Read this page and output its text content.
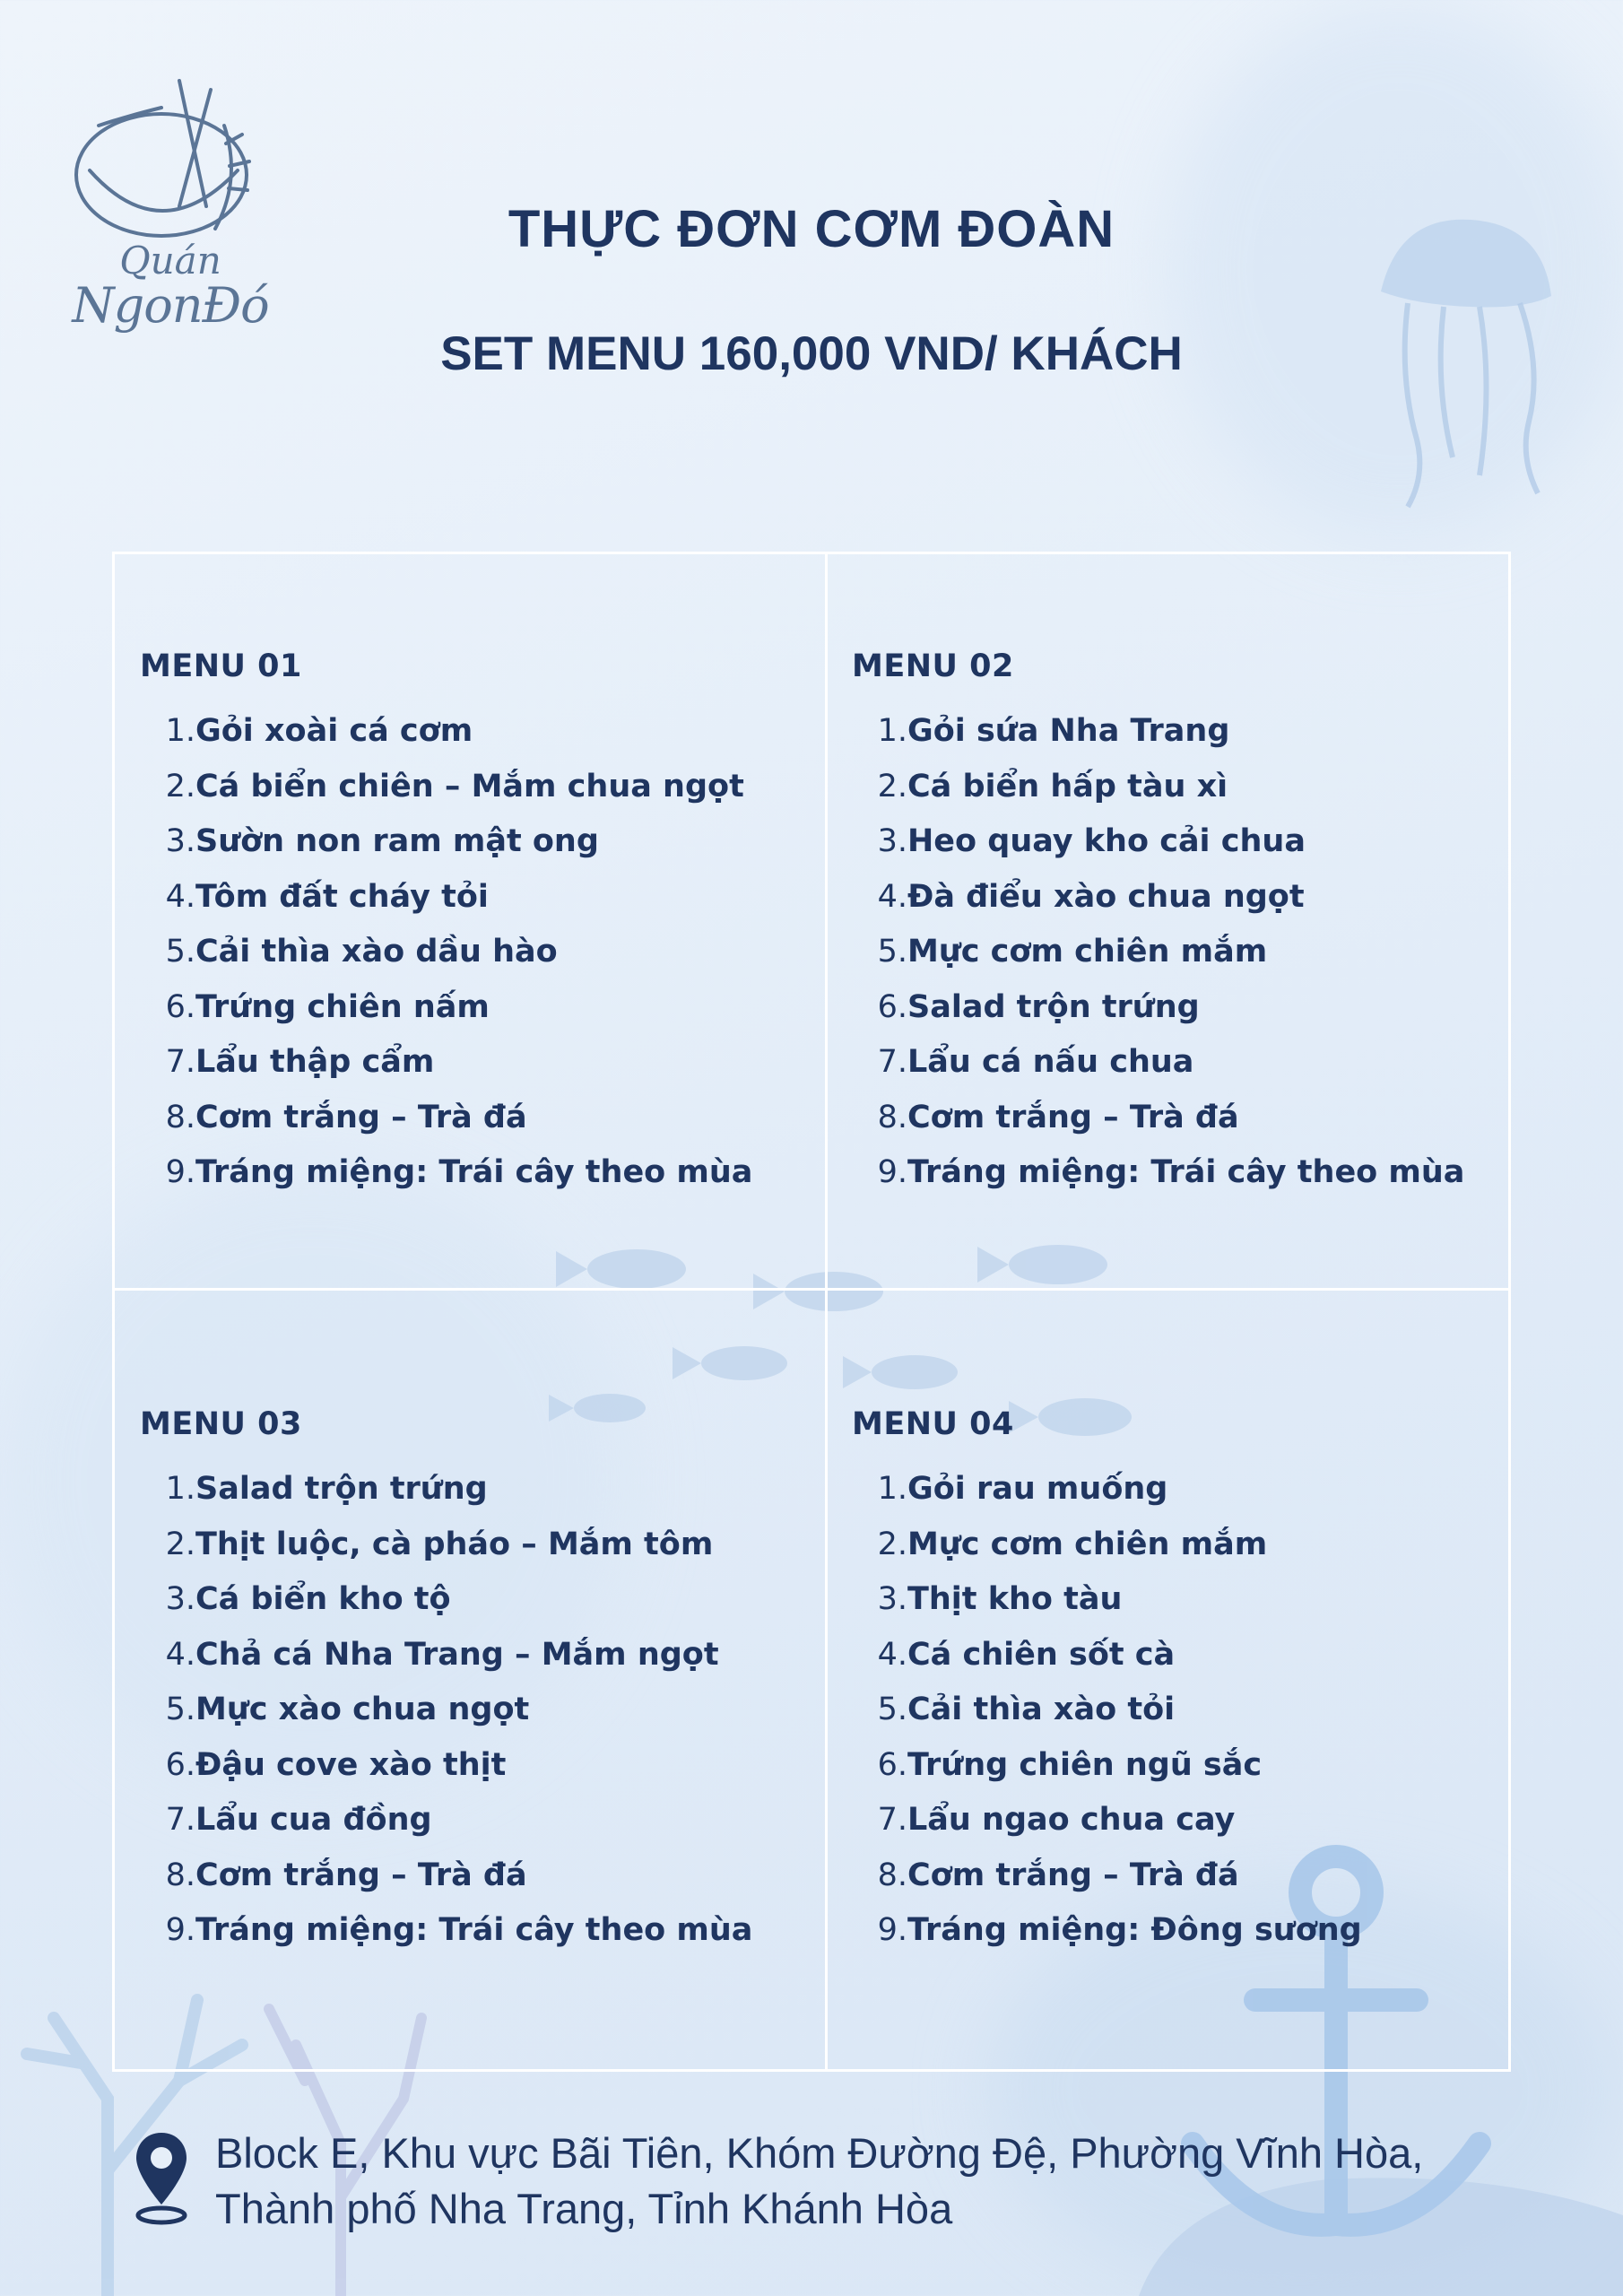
Quán
NgonĐó
THỰC ĐƠN CƠM ĐOÀN
SET MENU 160,000 VND/ KHÁCH
MENU 01
1. Gỏi xoài cá cơm
2. Cá biển chiên – Mắm chua ngọt
3. Sườn non ram mật ong
4. Tôm đất cháy tỏi
5. Cải thìa xào dầu hào
6. Trứng chiên nấm
7. Lẩu thập cẩm
8. Cơm trắng – Trà đá
9. Tráng miệng: Trái cây theo mùa
MENU 02
1. Gỏi sứa Nha Trang
2. Cá biển hấp tàu xì
3. Heo quay kho cải chua
4. Đà điểu xào chua ngọt
5. Mực cơm chiên mắm
6. Salad trộn trứng
7. Lẩu cá nấu chua
8. Cơm trắng – Trà đá
9. Tráng miệng: Trái cây theo mùa
MENU 03
1. Salad trộn trứng
2. Thịt luộc, cà pháo – Mắm tôm
3. Cá biển kho tộ
4. Chả cá Nha Trang – Mắm ngọt
5. Mực xào chua ngọt
6. Đậu cove xào thịt
7. Lẩu cua đồng
8. Cơm trắng – Trà đá
9. Tráng miệng: Trái cây theo mùa
MENU 04
1. Gỏi rau muống
2. Mực cơm chiên mắm
3. Thịt kho tàu
4. Cá chiên sốt cà
5. Cải thìa xào tỏi
6. Trứng chiên ngũ sắc
7. Lẩu ngao chua cay
8. Cơm trắng – Trà đá
9. Tráng miệng: Đông sương
Block E, Khu vực Bãi Tiên, Khóm Đường Đệ, Phường Vĩnh Hòa,
Thành phố Nha Trang, Tỉnh Khánh Hòa
